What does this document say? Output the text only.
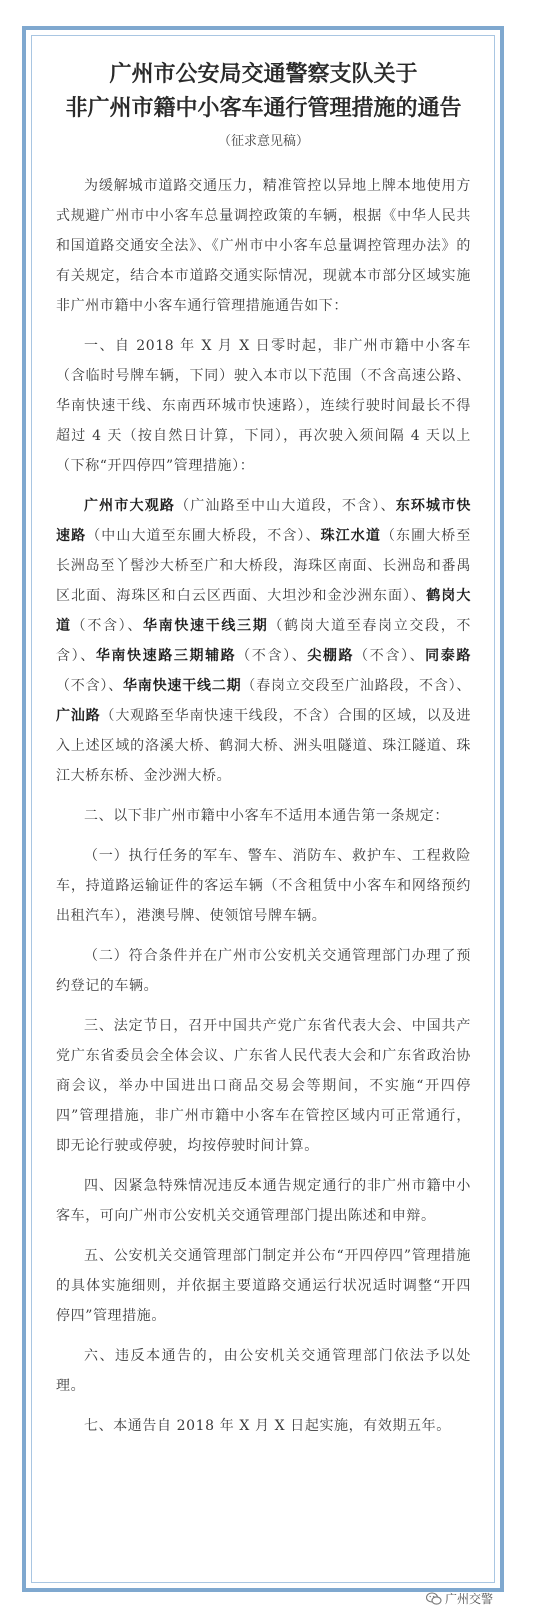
广州市公安局交通警察支队关于
非广州市籍中小客车通行管理措施的通告
（征求意见稿）

为缓解城市道路交通压力，精准管控以异地上牌本地使用方式规避广州市中小客车总量调控政策的车辆，根据《中华人民共和国道路交通安全法》、《广州市中小客车总量调控管理办法》的有关规定，结合本市道路交通实际情况，现就本市部分区域实施非广州市籍中小客车通行管理措施通告如下：

一、自 2018 年 X 月 X 日零时起，非广州市籍中小客车（含临时号牌车辆，下同）驶入本市以下范围（不含高速公路、华南快速干线、东南西环城市快速路），连续行驶时间最长不得超过 4 天（按自然日计算，下同），再次驶入须间隔 4 天以上（下称“开四停四”管理措施）：

广州市大观路（广汕路至中山大道段，不含）、东环城市快速路（中山大道至东圃大桥段，不含）、珠江水道（东圃大桥至长洲岛至丫髻沙大桥至广和大桥段，海珠区南面、长洲岛和番禺区北面、海珠区和白云区西面、大坦沙和金沙洲东面）、鹤岗大道（不含）、华南快速干线三期（鹤岗大道至春岗立交段，不含）、华南快速路三期辅路（不含）、尖棚路（不含）、同泰路（不含）、华南快速干线二期（春岗立交段至广汕路段，不含）、广汕路（大观路至华南快速干线段，不含）合围的区域，以及进入上述区域的洛溪大桥、鹤洞大桥、洲头咀隧道、珠江隧道、珠江大桥东桥、金沙洲大桥。

二、以下非广州市籍中小客车不适用本通告第一条规定：

（一）执行任务的军车、警车、消防车、救护车、工程救险车，持道路运输证件的客运车辆（不含租赁中小客车和网络预约出租汽车），港澳号牌、使领馆号牌车辆。

（二）符合条件并在广州市公安机关交通管理部门办理了预约登记的车辆。

三、法定节日，召开中国共产党广东省代表大会、中国共产党广东省委员会全体会议、广东省人民代表大会和广东省政治协商会议，举办中国进出口商品交易会等期间，不实施“开四停四”管理措施，非广州市籍中小客车在管控区域内可正常通行，即无论行驶或停驶，均按停驶时间计算。

四、因紧急特殊情况违反本通告规定通行的非广州市籍中小客车，可向广州市公安机关交通管理部门提出陈述和申辩。

五、公安机关交通管理部门制定并公布“开四停四”管理措施的具体实施细则，并依据主要道路交通运行状况适时调整“开四停四”管理措施。

六、违反本通告的，由公安机关交通管理部门依法予以处理。

七、本通告自 2018 年 X 月 X 日起实施，有效期五年。

广州交警
